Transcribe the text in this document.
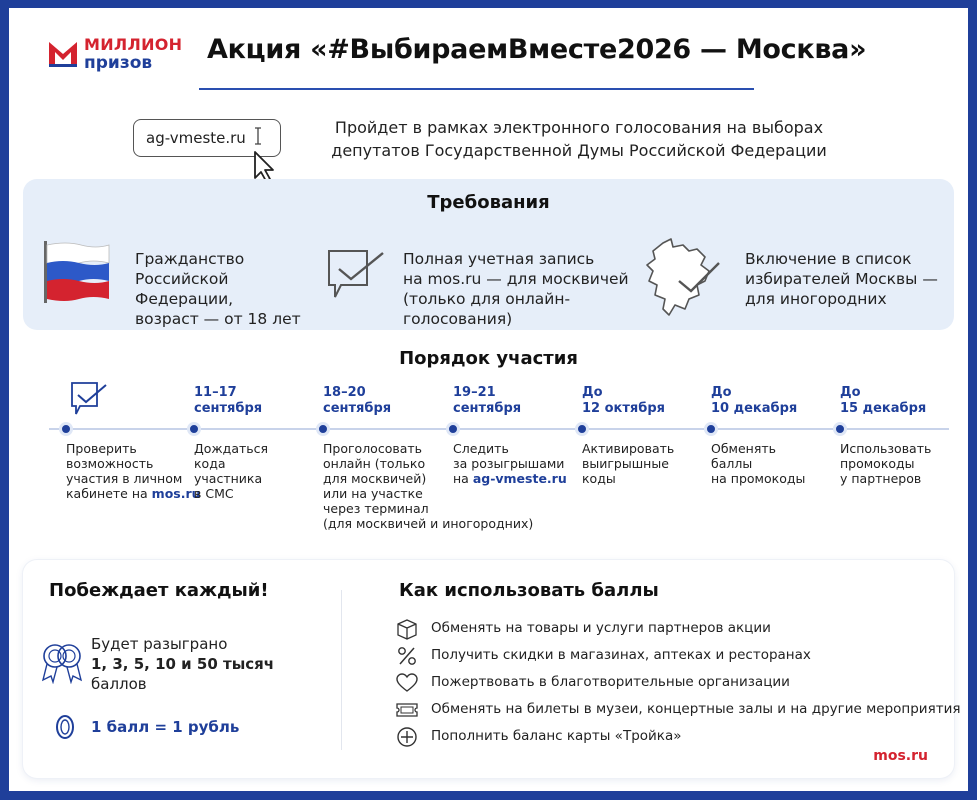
МИЛЛИОН
призов Акция «#ВыбираемВместе2026 — Москва»
ag-vmeste.ru
Пройдет в рамках электронного голосования на выборах депутатов Государственной Думы Российской Федерации
Требования
Гражданство
Российской
Федерации,
возраст — от 18 лет
Полная учетная запись
на mos.ru — для москвичей
(только для онлайн-
голосования)
Включение в список
избирателей Москвы —
для иногородних
Порядок участия
Проверить
возможность
участия в личном
кабинете на mos.ru
11–17
сентября
Дождаться
кода
участника
в СМС
18–20
сентября
Проголосовать
онлайн (только
для москвичей)
или на участке
через терминал
(для москвичей и иногородних)
19–21
сентября
Следить
за розыгрышами
на ag-vmeste.ru
До
12 октября
Активировать
выигрышные
коды
До
10 декабря
Обменять
баллы
на промокоды
До
15 декабря
Использовать
промокоды
у партнеров
Побеждает каждый!
Будет разыграно
1, 3, 5, 10 и 50 тысяч
баллов
1 балл = 1 рубль
Как использовать баллы
Обменять на товары и услуги партнеров акции
Получить скидки в магазинах, аптеках и ресторанах
Пожертвовать в благотворительные организации
Обменять на билеты в музеи, концертные залы и на другие мероприятия
Пополнить баланс карты «Тройка»
mos.ru
